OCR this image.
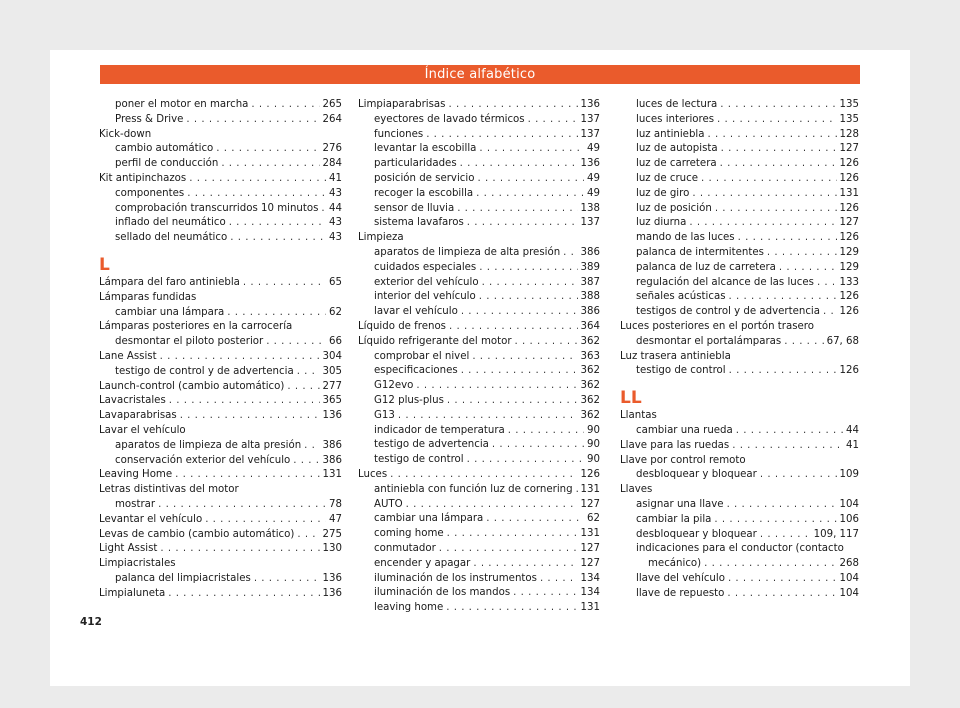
Índice alfabético
poner el motor en marcha . . .	265
Press & Drive . . .	264
Kick-down
cambio automático . . .	276
perfil de conducción . . .	284
Kit antipinchazos . . .	41
componentes . . .	43
comprobación transcurridos 10 minutos . . . 44
inflado del neumático . . .	43
sellado del neumático . . .	43
L
Lámpara del faro antiniebla . . .	65
Lámparas fundidas
cambiar una lámpara . . .	62
Lámparas posteriores en la carrocería
desmontar el piloto posterior . . .	66
Lane Assist . . .	304
testigo de control y de advertencia . . .	305
Launch-control (cambio automático) . . .	277
Lavacristales . . .	365
Lavaparabrisas . . .	136
Lavar el vehículo
aparatos de limpieza de alta presión . . . 386
conservación exterior del vehículo . . .	386
Leaving Home . . .	131
Letras distintivas del motor
mostrar . . .	78
Levantar el vehículo . . .	47
Levas de cambio (cambio automático) . . .	275
Light Assist . . .	130
Limpiacristales
palanca del limpiacristales . . .	136
Limpialuneta . . .	136
Limpiaparabrisas . . .	136
eyectores de lavado térmicos . . .	137
funciones . . .	137
levantar la escobilla . . .	49
particularidades . . .	136
posición de servicio . . .	49
recoger la escobilla . . .	49
sensor de lluvia . . .	138
sistema lavafaros . . .	137
Limpieza
aparatos de limpieza de alta presión . . . 386
cuidados especiales . . .	389
exterior del vehículo . . .	387
interior del vehículo . . .	388
lavar el vehículo . . .	386
Líquido de frenos . . .	364
Líquido refrigerante del motor . . .	362
comprobar el nivel . . .	363
especificaciones . . .	362
G12evo . . .	362
G12 plus-plus . . .	362
G13 . . .	362
indicador de temperatura . . .	90
testigo de advertencia . . .	90
testigo de control . . .	90
Luces . . .	126
antiniebla con función luz de cornering . . . 131
AUTO . . .	127
cambiar una lámpara . . .	62
coming home . . .	131
conmutador . . .	127
encender y apagar . . .	127
iluminación de los instrumentos . . .	134
iluminación de los mandos . . .	134
leaving home . . .	131
luces de lectura . . .	135
luces interiores . . .	135
luz antiniebla . . .	128
luz de autopista . . .	127
luz de carretera . . .	126
luz de cruce . . .	126
luz de giro . . .	131
luz de posición . . .	126
luz diurna . . .	127
mando de las luces . . .	126
palanca de intermitentes . . .	129
palanca de luz de carretera . . .	129
regulación del alcance de las luces . . .	133
señales acústicas . . .	126
testigos de control y de advertencia . . . 126
Luces posteriores en el portón trasero
desmontar el portalámparas . . .	67, 68
Luz trasera antiniebla
testigo de control . . .	126
LL
Llantas
cambiar una rueda . . .	44
Llave para las ruedas . . .	41
Llave por control remoto
desbloquear y bloquear . . .	109
Llaves
asignar una llave . . .	104
cambiar la pila . . .	106
desbloquear y bloquear . . .	109, 117
indicaciones para el conductor (contacto
mecánico) . . .	268
llave del vehículo . . .	104
llave de repuesto . . .	104
412
